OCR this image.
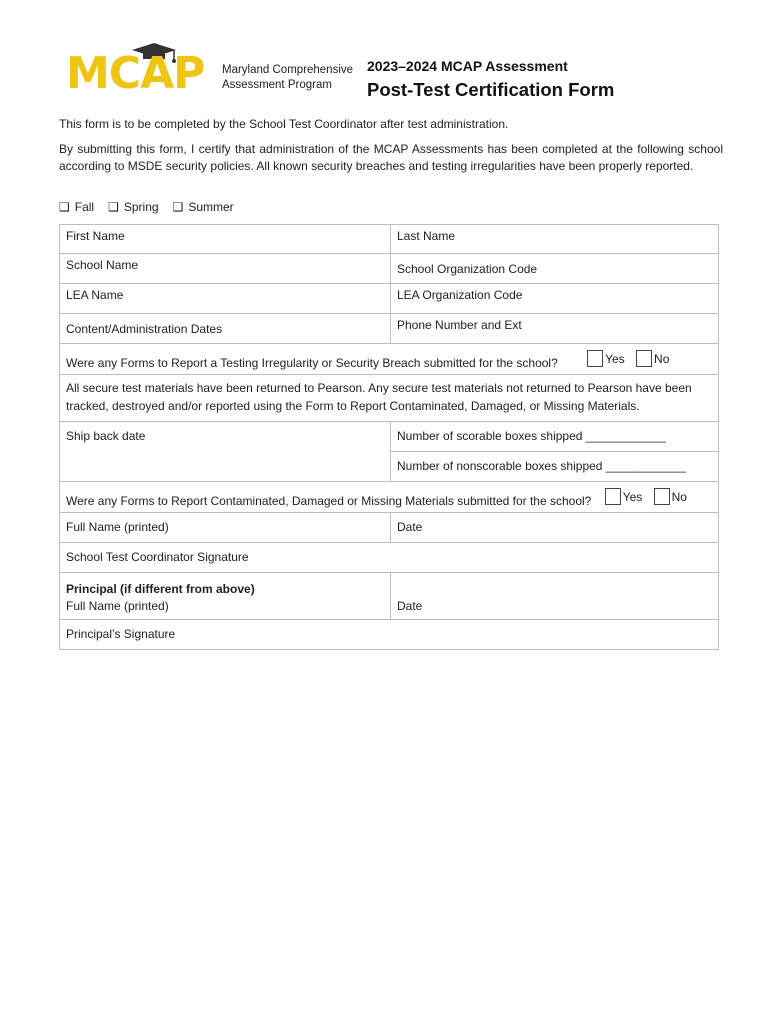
MCAP Maryland Comprehensive
Assessment Program
2023–2024 MCAP Assessment
Post-Test Certification Form
This form is to be completed by the School Test Coordinator after test administration.
By submitting this form, I certify that administration of the MCAP Assessments has been completed at the following school according to MSDE security policies. All known security breaches and testing irregularities have been properly reported.
❑ Fall ❑ Spring ❑ Summer
First Name	Last Name
School Name	School Organization Code
LEA Name	LEA Organization Code
Content/Administration Dates	Phone Number and Ext
Were any Forms to Report a Testing Irregularity or Security Breach submitted for the school? Yes
No	

All secure test materials have been returned to Pearson. Any secure test materials not returned to Pearson have been tracked, destroyed and/or reported using the Form to Report Contaminated, Damaged, or Missing Materials.	
Ship back date	Number of scorable boxes shipped ____________
	Number of nonscorable boxes shipped ____________
Were any Forms to Report Contaminated, Damaged or Missing Materials submitted for the school? Yes
No	

Full Name (printed)	Date
School Test Coordinator Signature	

Principal (if different from above)
Full Name (printed)	Date
Principal’s Signature	
